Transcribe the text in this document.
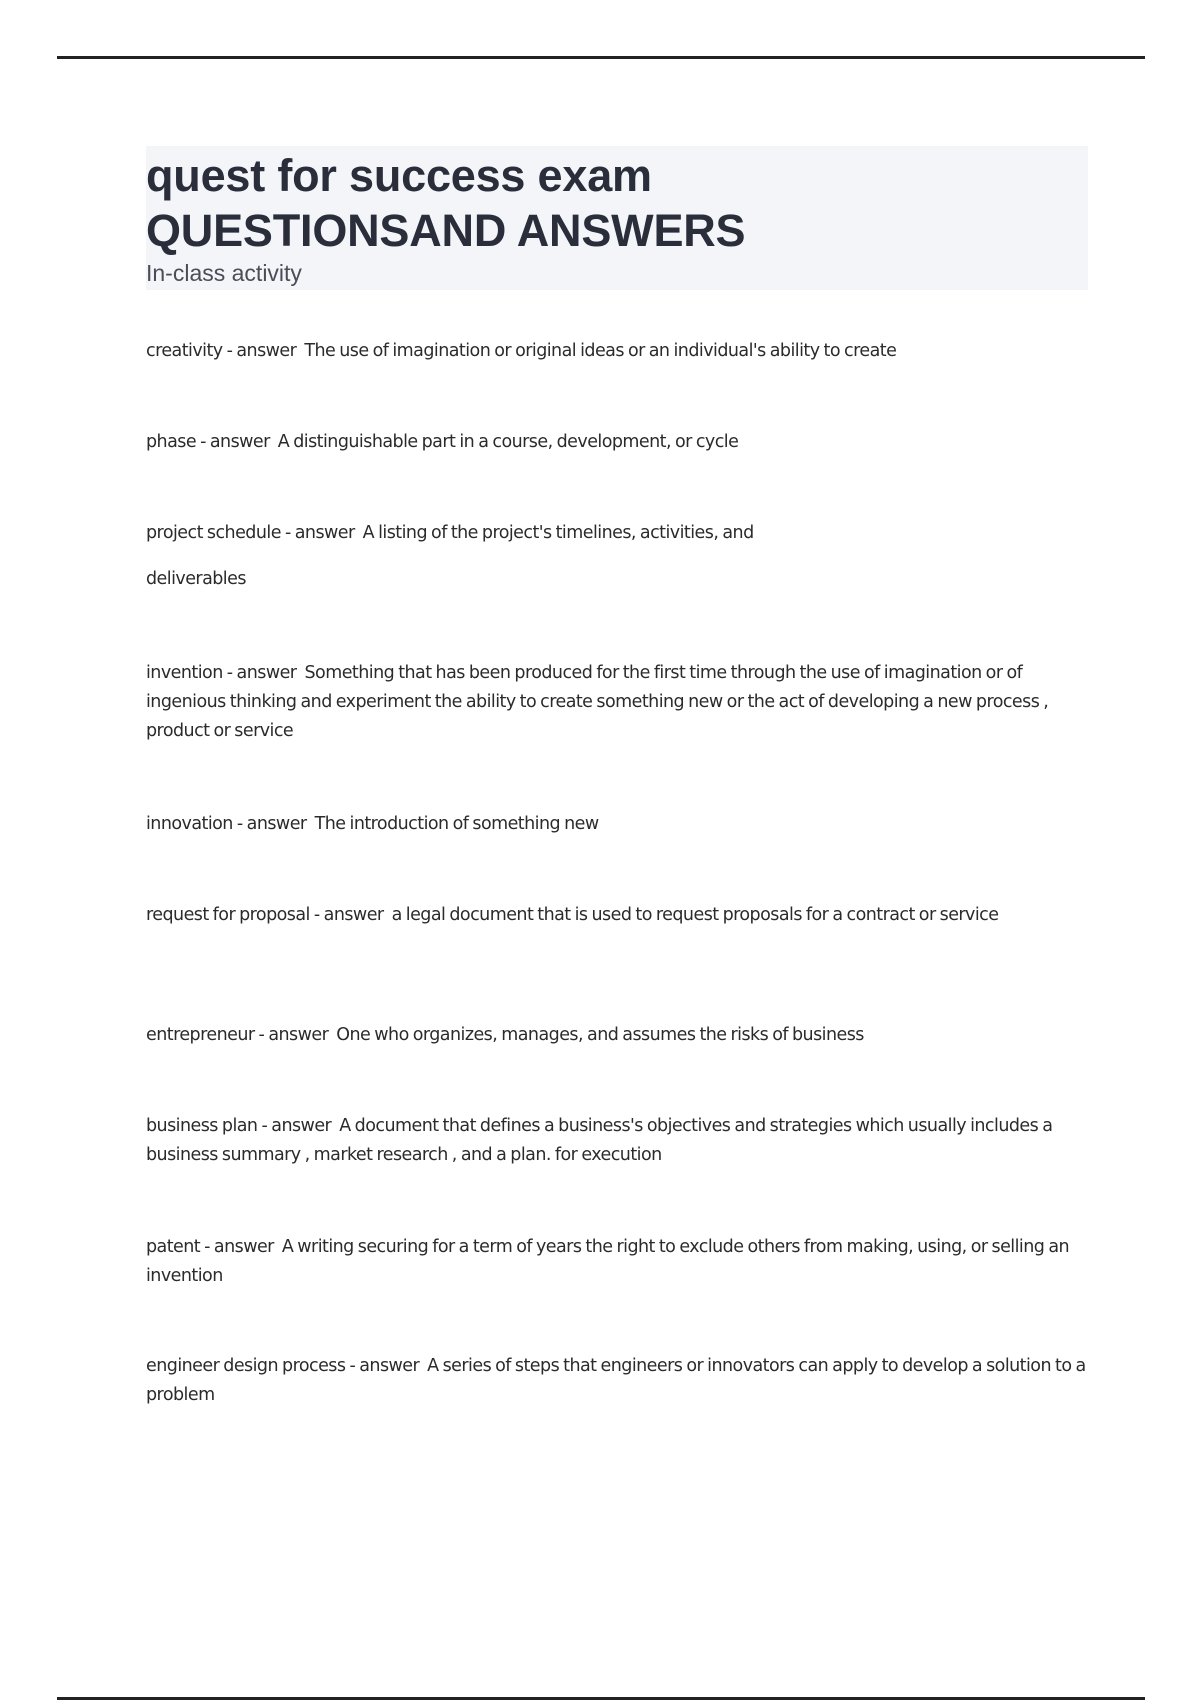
quest for success exam
QUESTIONSAND ANSWERS
In-class activity
creativity - answer  The use of imagination or original ideas or an individual's ability to create
phase - answer  A distinguishable part in a course, development, or cycle
project schedule - answer  A listing of the project's timelines, activities, and
deliverables
invention - answer  Something that has been produced for the first time through the use of imagination or of ingenious thinking and experiment the ability to create something new or the act of developing a new process , product or service
innovation - answer  The introduction of something new
request for proposal - answer  a legal document that is used to request proposals for a contract or service
entrepreneur - answer  One who organizes, manages, and assumes the risks of business
business plan - answer  A document that defines a business's objectives and strategies which usually includes a business summary , market research , and a plan. for execution
patent - answer  A writing securing for a term of years the right to exclude others from making, using, or selling an invention
engineer design process - answer  A series of steps that engineers or innovators can apply to develop a solution to a problem
